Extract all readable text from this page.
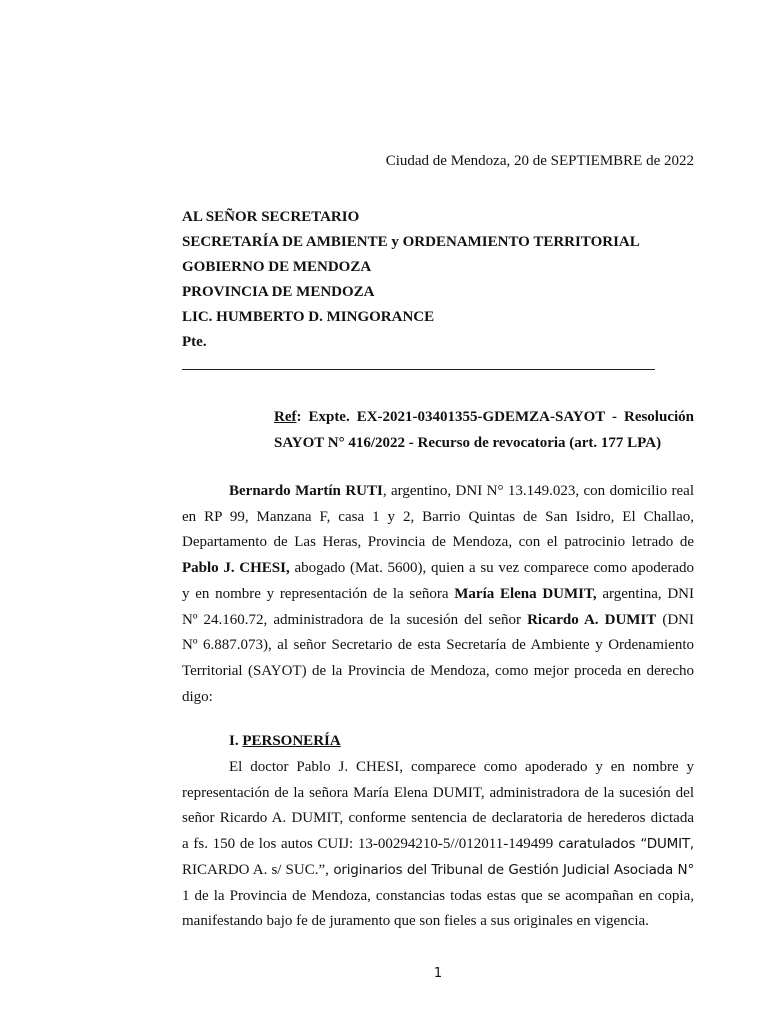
Ciudad de Mendoza, 20 de SEPTIEMBRE de 2022
AL SEÑOR SECRETARIO
SECRETARÍA DE AMBIENTE y ORDENAMIENTO TERRITORIAL
GOBIERNO DE MENDOZA
PROVINCIA DE MENDOZA
LIC. HUMBERTO D. MINGORANCE
Pte.
Ref: Expte. EX-2021-03401355-GDEMZA-SAYOT - Resolución
SAYOT N° 416/2022 - Recurso de revocatoria (art. 177 LPA)
Bernardo Martín RUTI, argentino, DNI N° 13.149.023, con domicilio real
en RP 99, Manzana F, casa 1 y 2, Barrio Quintas de San Isidro, El Challao,
Departamento de Las Heras, Provincia de Mendoza, con el patrocinio letrado de
Pablo J. CHESI, abogado (Mat. 5600), quien a su vez comparece como apoderado
y en nombre y representación de la señora María Elena DUMIT, argentina, DNI
Nº 24.160.72, administradora de la sucesión del señor Ricardo A. DUMIT (DNI
Nº 6.887.073), al señor Secretario de esta Secretaría de Ambiente y Ordenamiento
Territorial (SAYOT) de la Provincia de Mendoza, como mejor proceda en derecho
digo:
I. PERSONERÍA
El doctor Pablo J. CHESI, comparece como apoderado y en nombre y
representación de la señora María Elena DUMIT, administradora de la sucesión del
señor Ricardo A. DUMIT, conforme sentencia de declaratoria de herederos dictada
a fs. 150 de los autos CUIJ: 13-00294210-5//012011-149499 caratulados “DUMIT,
RICARDO A. s/ SUC.”, originarios del Tribunal de Gestión Judicial Asociada N°
1 de la Provincia de Mendoza, constancias todas estas que se acompañan en copia,
manifestando bajo fe de juramento que son fieles a sus originales en vigencia.
1
